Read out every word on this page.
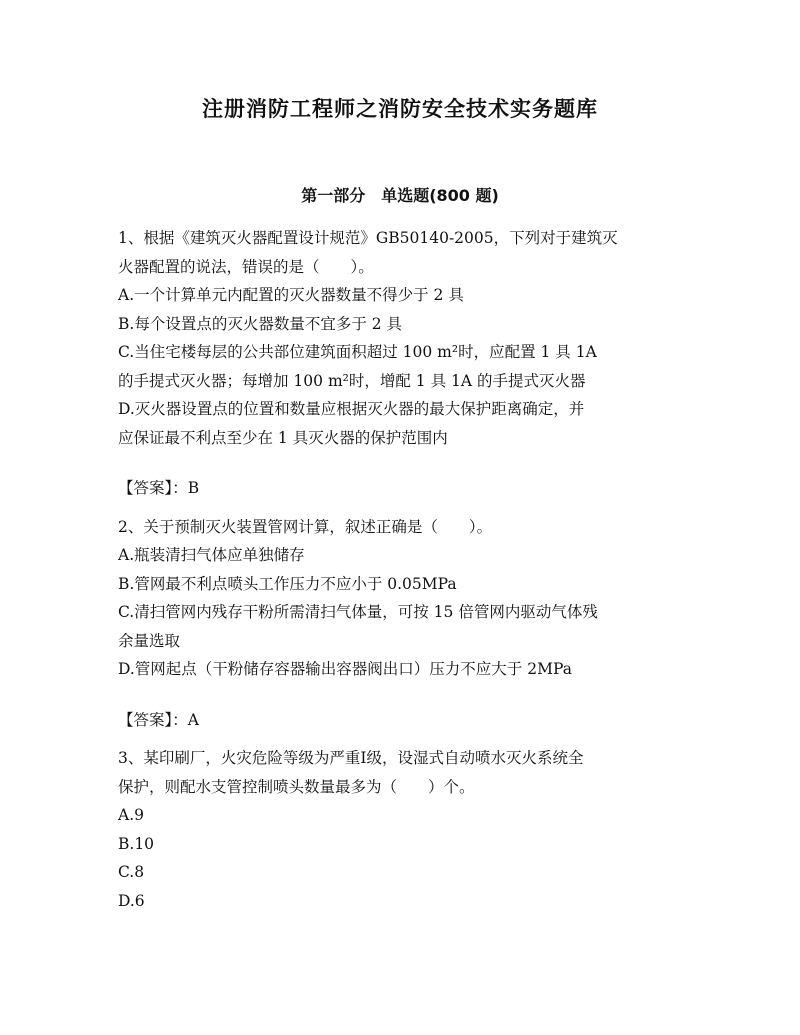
注册消防工程师之消防安全技术实务题库
第一部分　单选题(800 题)
1、根据《建筑灭火器配置设计规范》GB50140-2005，下列对于建筑灭
火器配置的说法，错误的是（　　）。
A.一个计算单元内配置的灭火器数量不得少于 2 具
B.每个设置点的灭火器数量不宜多于 2 具
C.当住宅楼每层的公共部位建筑面积超过 100 m²时，应配置 1 具 1A
的手提式灭火器；每增加 100 m²时，增配 1 具 1A 的手提式灭火器
D.灭火器设置点的位置和数量应根据灭火器的最大保护距离确定，并
应保证最不利点至少在 1 具灭火器的保护范围内
【答案】：B
2、关于预制灭火装置管网计算，叙述正确是（　　）。
A.瓶装清扫气体应单独储存
B.管网最不利点喷头工作压力不应小于 0.05MPa
C.清扫管网内残存干粉所需清扫气体量，可按 15 倍管网内驱动气体残
余量选取
D.管网起点（干粉储存容器输出容器阀出口）压力不应大于 2MPa
【答案】：A
3、某印刷厂，火灾危险等级为严重Ⅰ级，设湿式自动喷水灭火系统全
保护，则配水支管控制喷头数量最多为（　　）个。
A.9
B.10
C.8
D.6
